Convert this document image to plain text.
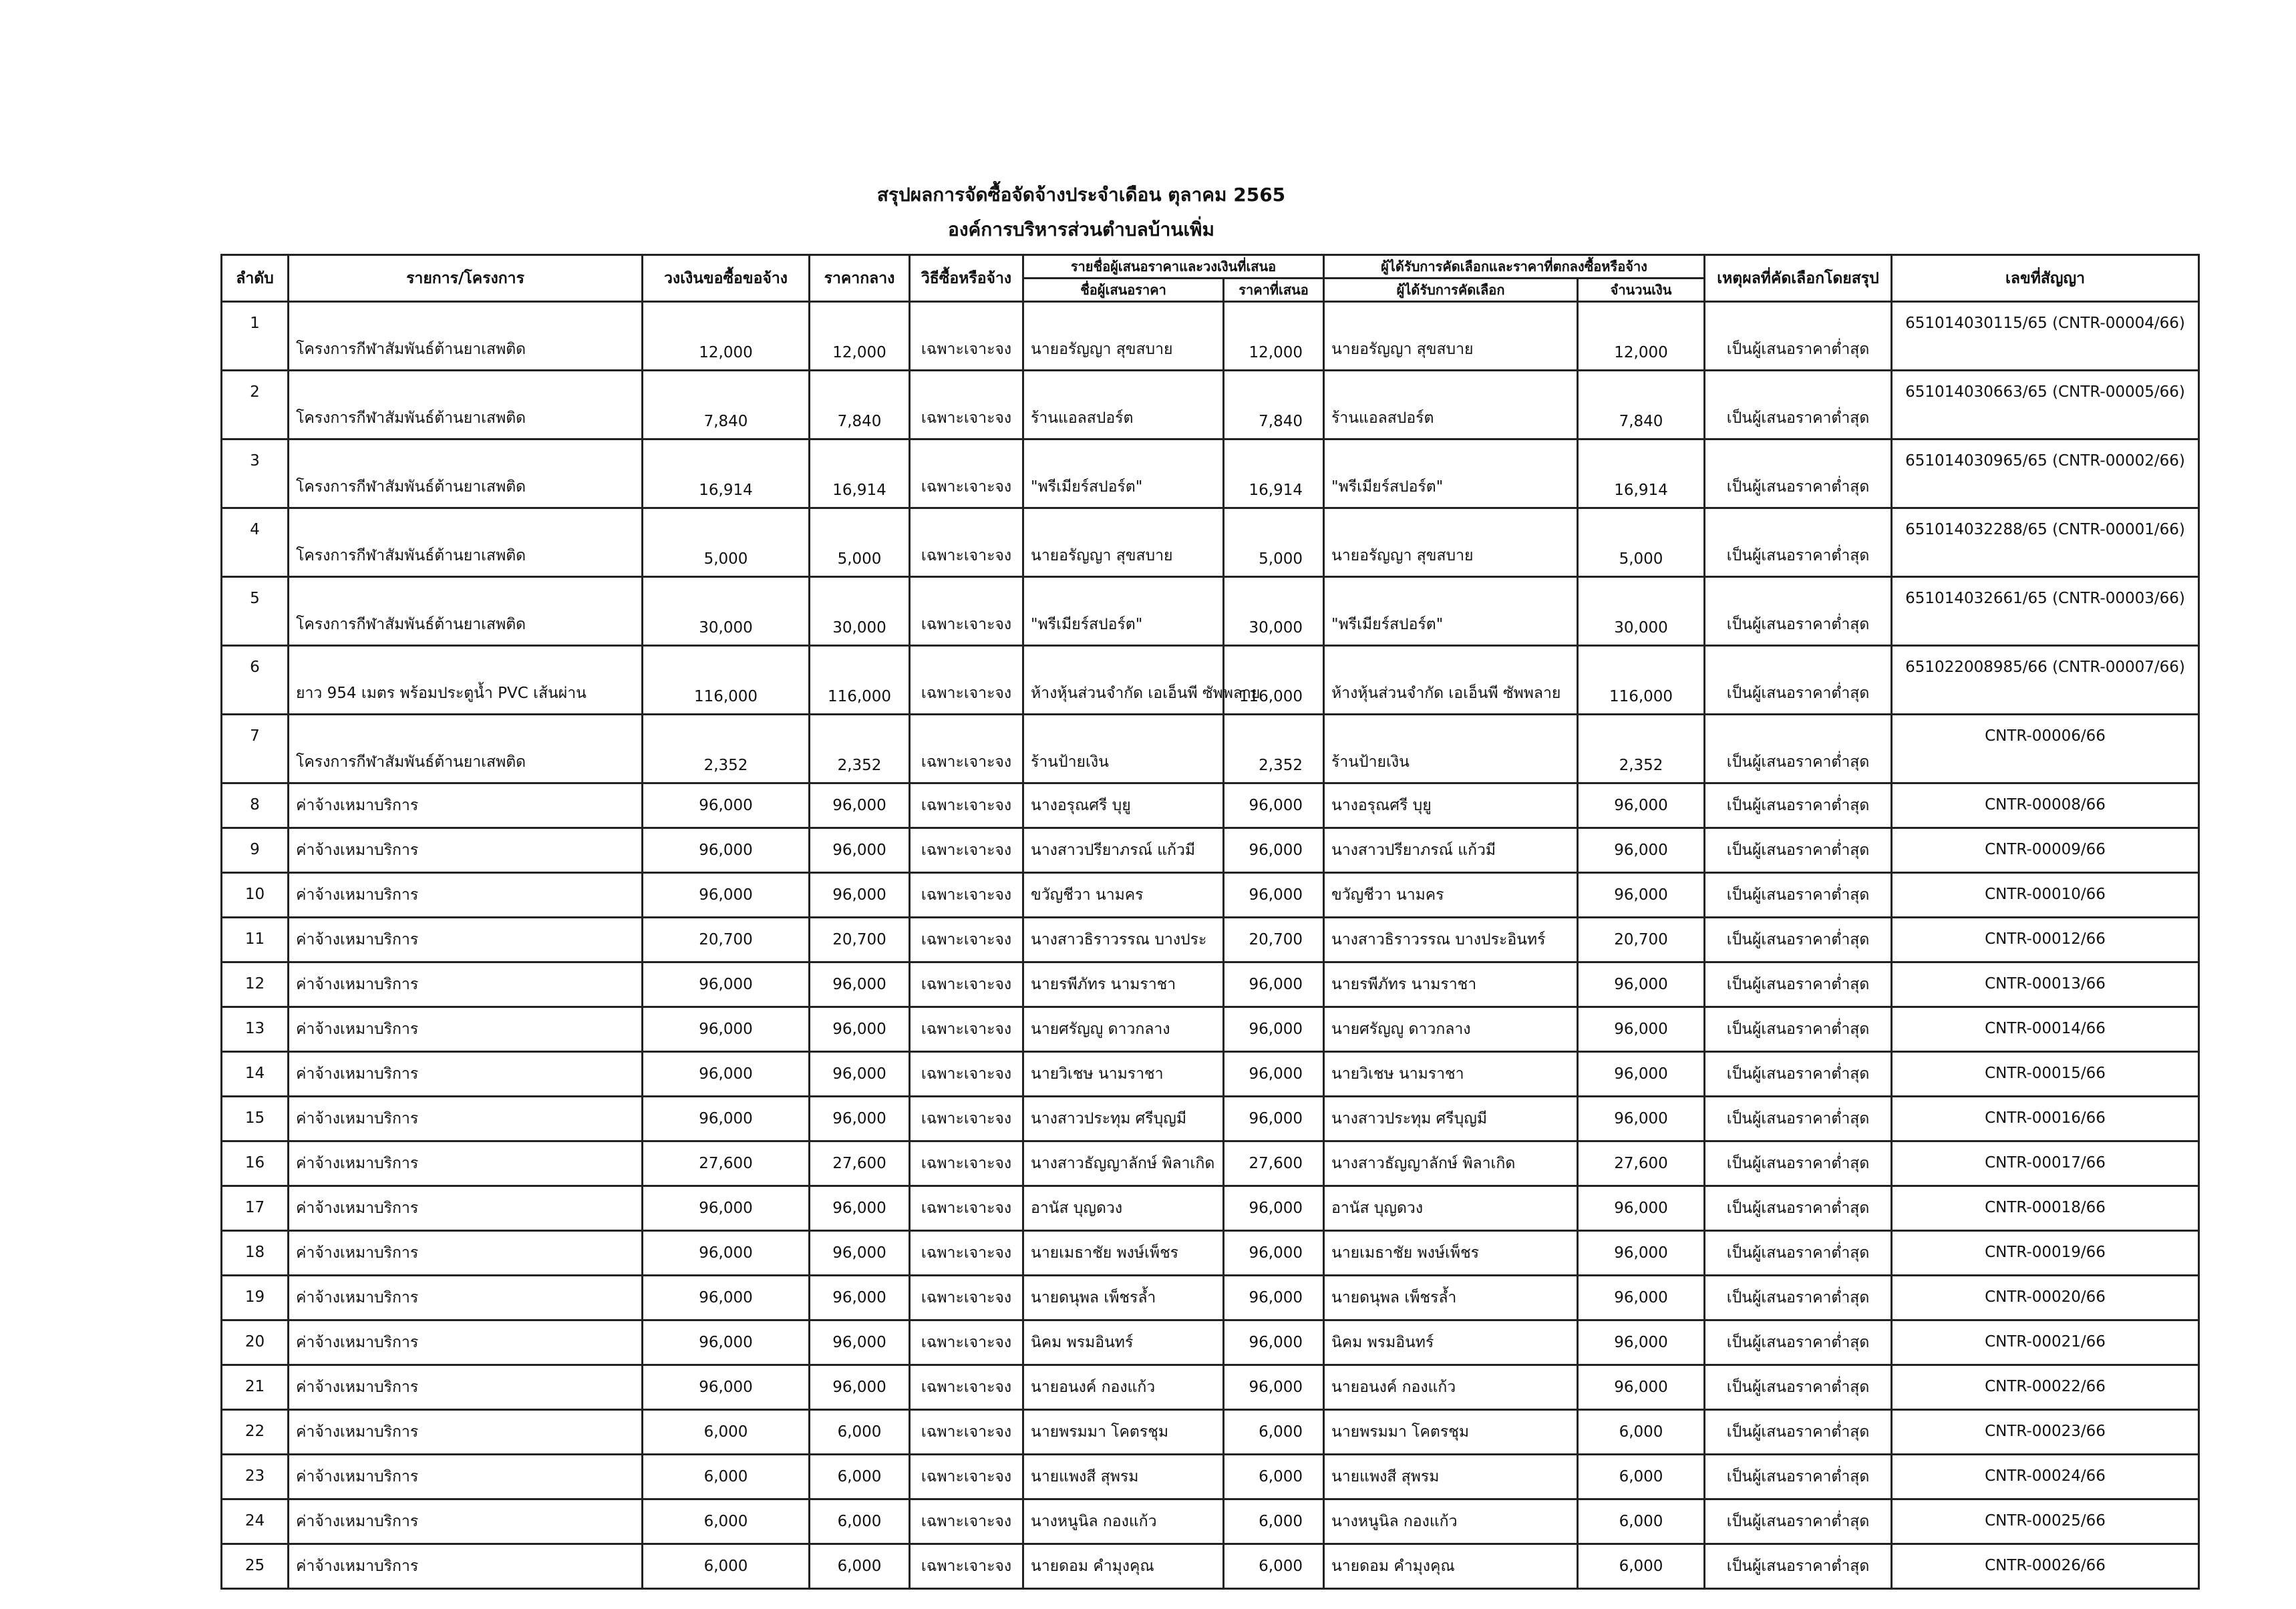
สรุปผลการจัดซื้อจัดจ้างประจำเดือน ตุลาคม 2565
องค์การบริหารส่วนตำบลบ้านเพิ่ม
ลำดับ	รายการ/โครงการ	วงเงินขอซื้อขอจ้าง	ราคากลาง	วิธีซื้อหรือจ้าง	รายชื่อผู้เสนอราคาและวงเงินที่เสนอ		ผู้ได้รับการคัดเลือกและราคาที่ตกลงซื้อหรือจ้าง		เหตุผลที่คัดเลือกโดยสรุป	เลขที่สัญญา
					ชื่อผู้เสนอราคา	ราคาที่เสนอ	ผู้ได้รับการคัดเลือก	จำนวนเงิน		
1	โครงการกีฬาสัมพันธ์ต้านยาเสพติด	12,000	12,000	เฉพาะเจาะจง	นายอรัญญา สุขสบาย	12,000	นายอรัญญา สุขสบาย	12,000	เป็นผู้เสนอราคาต่ำสุด	651014030115/65 (CNTR-00004/66)
2	โครงการกีฬาสัมพันธ์ต้านยาเสพติด	7,840	7,840	เฉพาะเจาะจง	ร้านแอลสปอร์ต	7,840	ร้านแอลสปอร์ต	7,840	เป็นผู้เสนอราคาต่ำสุด	651014030663/65 (CNTR-00005/66)
3	โครงการกีฬาสัมพันธ์ต้านยาเสพติด	16,914	16,914	เฉพาะเจาะจง	"พรีเมียร์สปอร์ต"	16,914	"พรีเมียร์สปอร์ต"	16,914	เป็นผู้เสนอราคาต่ำสุด	651014030965/65 (CNTR-00002/66)
4	โครงการกีฬาสัมพันธ์ต้านยาเสพติด	5,000	5,000	เฉพาะเจาะจง	นายอรัญญา สุขสบาย	5,000	นายอรัญญา สุขสบาย	5,000	เป็นผู้เสนอราคาต่ำสุด	651014032288/65 (CNTR-00001/66)
5	โครงการกีฬาสัมพันธ์ต้านยาเสพติด	30,000	30,000	เฉพาะเจาะจง	"พรีเมียร์สปอร์ต"	30,000	"พรีเมียร์สปอร์ต"	30,000	เป็นผู้เสนอราคาต่ำสุด	651014032661/65 (CNTR-00003/66)
6	ยาว 954 เมตร พร้อมประตูน้ำ PVC เส้นผ่าน	116,000	116,000	เฉพาะเจาะจง	ห้างหุ้นส่วนจำกัด เอเอ็นพี ซัพพลาย	116,000	ห้างหุ้นส่วนจำกัด เอเอ็นพี ซัพพลาย	116,000	เป็นผู้เสนอราคาต่ำสุด	651022008985/66 (CNTR-00007/66)
7	โครงการกีฬาสัมพันธ์ต้านยาเสพติด	2,352	2,352	เฉพาะเจาะจง	ร้านป้ายเงิน	2,352	ร้านป้ายเงิน	2,352	เป็นผู้เสนอราคาต่ำสุด	CNTR-00006/66
8	ค่าจ้างเหมาบริการ	96,000	96,000	เฉพาะเจาะจง	นางอรุณศรี บุยู	96,000	นางอรุณศรี บุยู	96,000	เป็นผู้เสนอราคาต่ำสุด	CNTR-00008/66
9	ค่าจ้างเหมาบริการ	96,000	96,000	เฉพาะเจาะจง	นางสาวปรียาภรณ์ แก้วมี	96,000	นางสาวปรียาภรณ์ แก้วมี	96,000	เป็นผู้เสนอราคาต่ำสุด	CNTR-00009/66
10	ค่าจ้างเหมาบริการ	96,000	96,000	เฉพาะเจาะจง	ขวัญชีวา นามคร	96,000	ขวัญชีวา นามคร	96,000	เป็นผู้เสนอราคาต่ำสุด	CNTR-00010/66
11	ค่าจ้างเหมาบริการ	20,700	20,700	เฉพาะเจาะจง	นางสาวธิราวรรณ บางประ	20,700	นางสาวธิราวรรณ บางประอินทร์	20,700	เป็นผู้เสนอราคาต่ำสุด	CNTR-00012/66
12	ค่าจ้างเหมาบริการ	96,000	96,000	เฉพาะเจาะจง	นายรพีภัทร นามราชา	96,000	นายรพีภัทร นามราชา	96,000	เป็นผู้เสนอราคาต่ำสุด	CNTR-00013/66
13	ค่าจ้างเหมาบริการ	96,000	96,000	เฉพาะเจาะจง	นายศรัญญู ดาวกลาง	96,000	นายศรัญญู ดาวกลาง	96,000	เป็นผู้เสนอราคาต่ำสุด	CNTR-00014/66
14	ค่าจ้างเหมาบริการ	96,000	96,000	เฉพาะเจาะจง	นายวิเชษ นามราชา	96,000	นายวิเชษ นามราชา	96,000	เป็นผู้เสนอราคาต่ำสุด	CNTR-00015/66
15	ค่าจ้างเหมาบริการ	96,000	96,000	เฉพาะเจาะจง	นางสาวประทุม ศรีบุญมี	96,000	นางสาวประทุม ศรีบุญมี	96,000	เป็นผู้เสนอราคาต่ำสุด	CNTR-00016/66
16	ค่าจ้างเหมาบริการ	27,600	27,600	เฉพาะเจาะจง	นางสาวธัญญาลักษ์ พิลาเกิด	27,600	นางสาวธัญญาลักษ์ พิลาเกิด	27,600	เป็นผู้เสนอราคาต่ำสุด	CNTR-00017/66
17	ค่าจ้างเหมาบริการ	96,000	96,000	เฉพาะเจาะจง	อานัส บุญดวง	96,000	อานัส บุญดวง	96,000	เป็นผู้เสนอราคาต่ำสุด	CNTR-00018/66
18	ค่าจ้างเหมาบริการ	96,000	96,000	เฉพาะเจาะจง	นายเมธาชัย พงษ์เพ็ชร	96,000	นายเมธาชัย พงษ์เพ็ชร	96,000	เป็นผู้เสนอราคาต่ำสุด	CNTR-00019/66
19	ค่าจ้างเหมาบริการ	96,000	96,000	เฉพาะเจาะจง	นายดนุพล เพ็ชรล้ำ	96,000	นายดนุพล เพ็ชรล้ำ	96,000	เป็นผู้เสนอราคาต่ำสุด	CNTR-00020/66
20	ค่าจ้างเหมาบริการ	96,000	96,000	เฉพาะเจาะจง	นิคม พรมอินทร์	96,000	นิคม พรมอินทร์	96,000	เป็นผู้เสนอราคาต่ำสุด	CNTR-00021/66
21	ค่าจ้างเหมาบริการ	96,000	96,000	เฉพาะเจาะจง	นายอนงค์ กองแก้ว	96,000	นายอนงค์ กองแก้ว	96,000	เป็นผู้เสนอราคาต่ำสุด	CNTR-00022/66
22	ค่าจ้างเหมาบริการ	6,000	6,000	เฉพาะเจาะจง	นายพรมมา โคตรชุม	6,000	นายพรมมา โคตรชุม	6,000	เป็นผู้เสนอราคาต่ำสุด	CNTR-00023/66
23	ค่าจ้างเหมาบริการ	6,000	6,000	เฉพาะเจาะจง	นายแพงสี สุพรม	6,000	นายแพงสี สุพรม	6,000	เป็นผู้เสนอราคาต่ำสุด	CNTR-00024/66
24	ค่าจ้างเหมาบริการ	6,000	6,000	เฉพาะเจาะจง	นางหนูนิล กองแก้ว	6,000	นางหนูนิล กองแก้ว	6,000	เป็นผู้เสนอราคาต่ำสุด	CNTR-00025/66
25	ค่าจ้างเหมาบริการ	6,000	6,000	เฉพาะเจาะจง	นายดอม คำมุงคุณ	6,000	นายดอม คำมุงคุณ	6,000	เป็นผู้เสนอราคาต่ำสุด	CNTR-00026/66
